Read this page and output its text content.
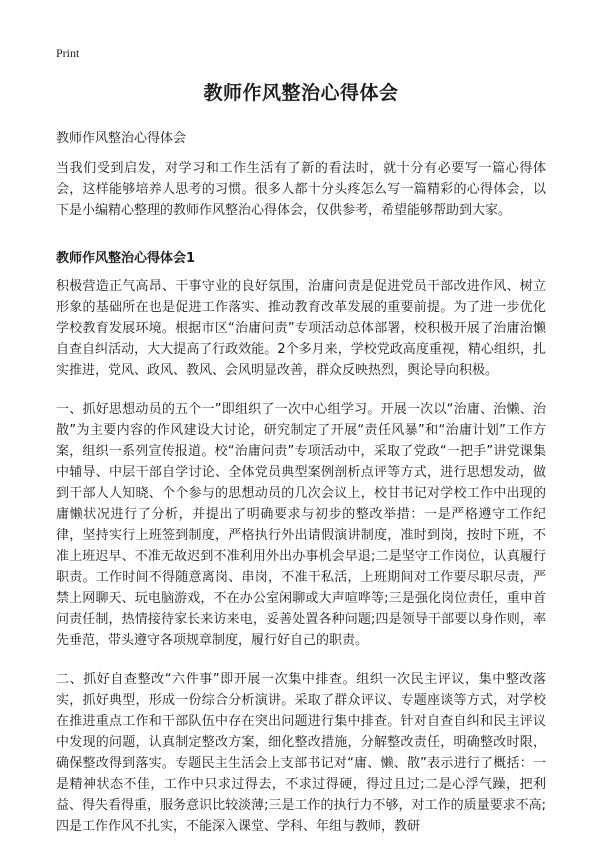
Print
教师作风整治心得体会
教师作风整治心得体会

当我们受到启发，对学习和工作生活有了新的看法时，就十分有必要写一篇心得体会，这样能够培养人思考的习惯。很多人都十分头疼怎么写一篇精彩的心得体会，以下是小编精心整理的教师作风整治心得体会，仅供参考，希望能够帮助到大家。

教师作风整治心得体会1

积极营造正气高昂、干事守业的良好氛围，治庸问责是促进党员干部改进作风、树立形象的基础所在也是促进工作落实、推动教育改革发展的重要前提。为了进一步优化学校教育发展环境。根据市区“治庸问责”专项活动总体部署，校积极开展了治庸治懒自查自纠活动，大大提高了行政效能。2个多月来，学校党政高度重视，精心组织，扎实推进，党风、政风、教风、会风明显改善，群众反映热烈，舆论导向积极。

一、抓好思想动员的五个一”即组织了一次中心组学习。开展一次以“治庸、治懒、治散”为主要内容的作风建设大讨论，研究制定了开展“责任风暴”和“治庸计划”工作方案，组织一系列宣传报道。校“治庸问责”专项活动中，采取了党政“一把手”讲党课集中辅导、中层干部自学讨论、全体党员典型案例剖析点评等方式，进行思想发动，做到干部人人知晓、个个参与的思想动员的几次会议上，校甘书记对学校工作中出现的庸懒状况进行了分析，并提出了明确要求与初步的整改举措：一是严格遵守工作纪律，坚持实行上班签到制度，严格执行外出请假演讲制度，准时到岗，按时下班，不准上班迟早、不准无故迟到不准利用外出办事机会早退;二是坚守工作岗位，认真履行职责。工作时间不得随意离岗、串岗，不准干私活，上班期间对工作要尽职尽责，严禁上网聊天、玩电脑游戏，不在办公室闲聊或大声喧哗等;三是强化岗位责任，重申首问责任制，热情接待家长来访来电，妥善处置各种问题;四是领导干部要以身作则，率先垂范，带头遵守各项规章制度，履行好自己的职责。

二、抓好自查整改“六件事”即开展一次集中排查。组织一次民主评议，集中整改落实，抓好典型，形成一份综合分析演讲。采取了群众评议、专题座谈等方式，对学校在推进重点工作和干部队伍中存在突出问题进行集中排查。针对自查自纠和民主评议中发现的问题，认真制定整改方案，细化整改措施，分解整改责任，明确整改时限，确保整改得到落实。专题民主生活会上支部书记对“庸、懒、散”表示进行了概括：一是精神状态不佳，工作中只求过得去，不求过得硬，得过且过;二是心浮气躁，把利益、得失看得重，服务意识比较淡薄;三是工作的执行力不够，对工作的质量要求不高;四是工作作风不扎实，不能深入课堂、学科、年组与教师，教研
